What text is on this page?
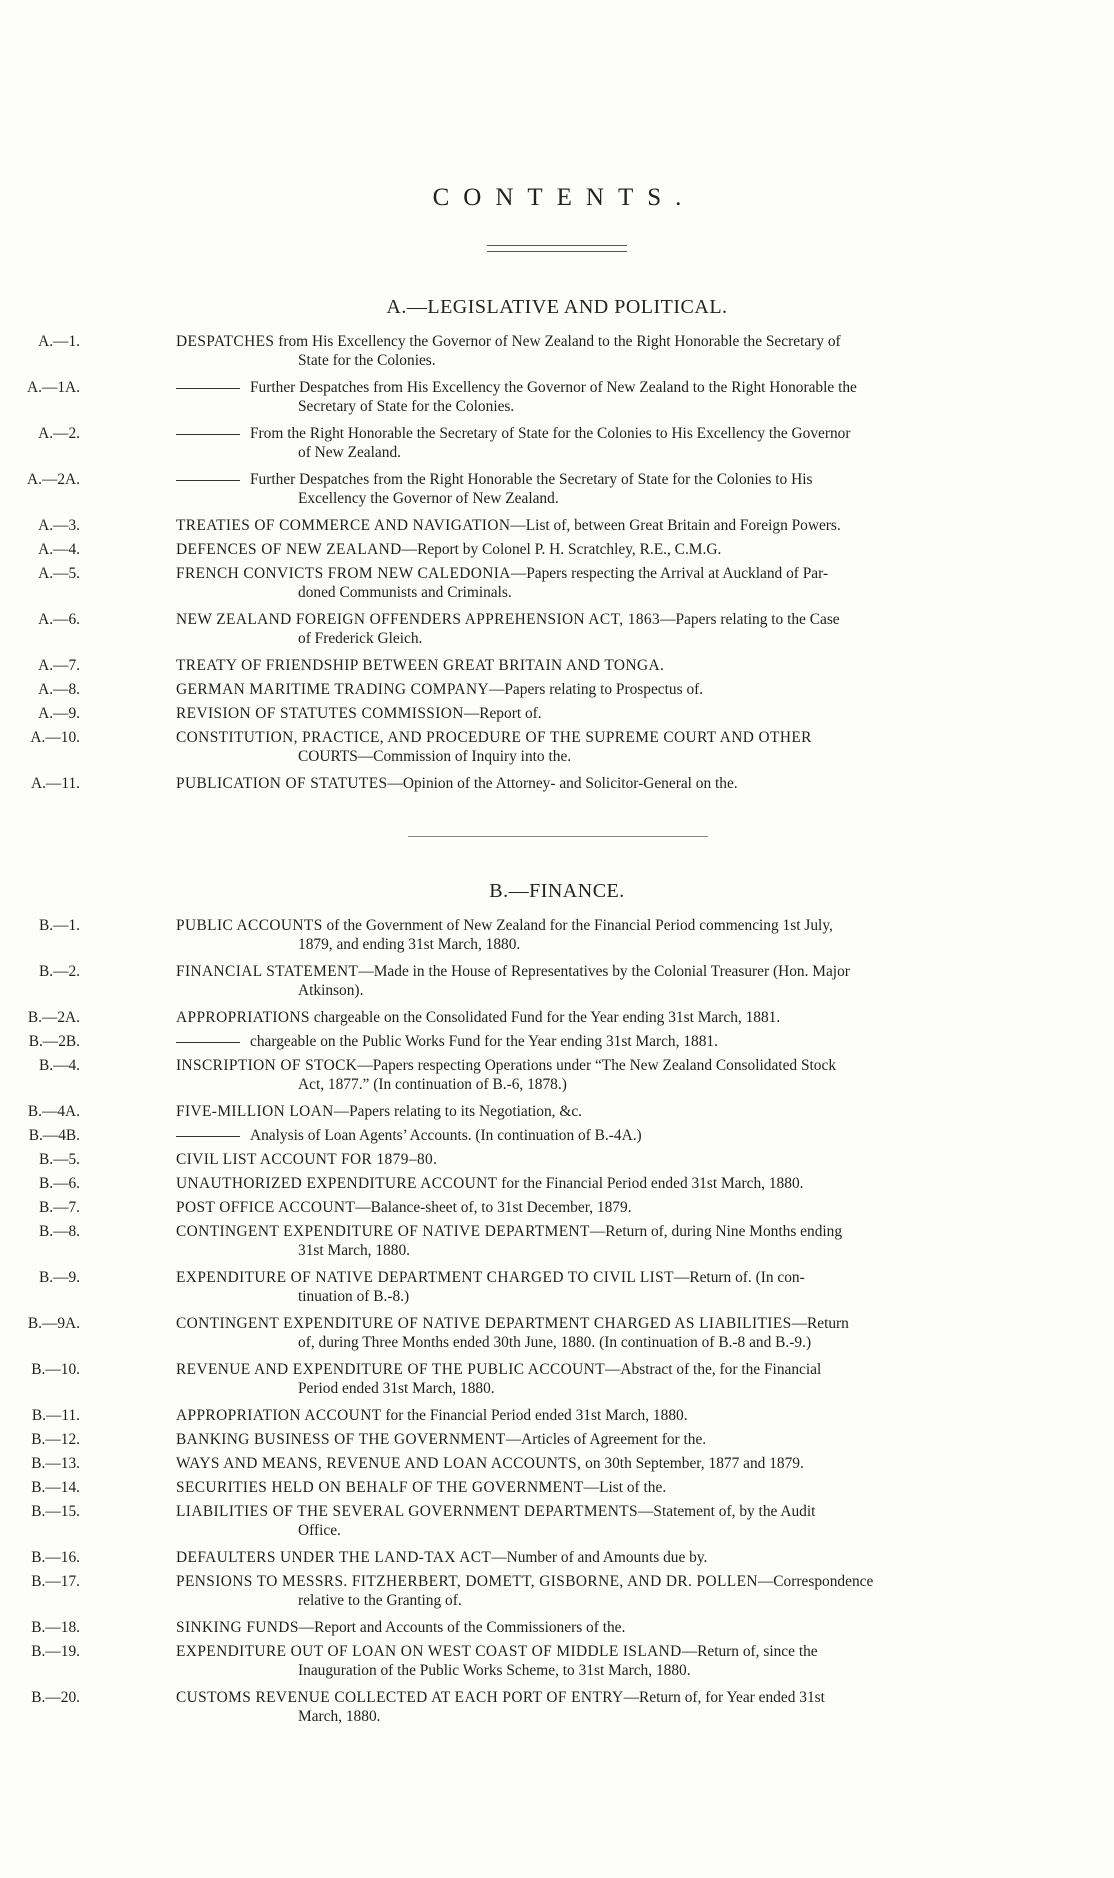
CONTENTS.
A.—LEGISLATIVE AND POLITICAL.
A.—1.	DESPATCHES from His Excellency the Governor of New Zealand to the Right Honorable the Secretary of
State for the Colonies.
A.—1A.	Further Despatches from His Excellency the Governor of New Zealand to the Right Honorable the
Secretary of State for the Colonies.
A.—2.	From the Right Honorable the Secretary of State for the Colonies to His Excellency the Governor
of New Zealand.
A.—2A.	Further Despatches from the Right Honorable the Secretary of State for the Colonies to His
Excellency the Governor of New Zealand.
A.—3.	TREATIES OF COMMERCE AND NAVIGATION—List of, between Great Britain and Foreign Powers.
A.—4.	DEFENCES OF NEW ZEALAND—Report by Colonel P. H. Scratchley, R.E., C.M.G.
A.—5.	FRENCH CONVICTS FROM NEW CALEDONIA—Papers respecting the Arrival at Auckland of Par-
doned Communists and Criminals.
A.—6.	NEW ZEALAND FOREIGN OFFENDERS APPREHENSION ACT, 1863—Papers relating to the Case
of Frederick Gleich.
A.—7.	TREATY OF FRIENDSHIP BETWEEN GREAT BRITAIN AND TONGA.
A.—8.	GERMAN MARITIME TRADING COMPANY—Papers relating to Prospectus of.
A.—9.	REVISION OF STATUTES COMMISSION—Report of.
A.—10.	CONSTITUTION, PRACTICE, AND PROCEDURE OF THE SUPREME COURT AND OTHER
COURTS—Commission of Inquiry into the.
A.—11.	PUBLICATION OF STATUTES—Opinion of the Attorney- and Solicitor-General on the.
B.—FINANCE.
B.—1.	PUBLIC ACCOUNTS of the Government of New Zealand for the Financial Period commencing 1st July,
1879, and ending 31st March, 1880.
B.—2.	FINANCIAL STATEMENT—Made in the House of Representatives by the Colonial Treasurer (Hon. Major
Atkinson).
B.—2A.	APPROPRIATIONS chargeable on the Consolidated Fund for the Year ending 31st March, 1881.
B.—2B.	chargeable on the Public Works Fund for the Year ending 31st March, 1881.
B.—4.	INSCRIPTION OF STOCK—Papers respecting Operations under “The New Zealand Consolidated Stock
Act, 1877.” (In continuation of B.-6, 1878.)
B.—4A.	FIVE-MILLION LOAN—Papers relating to its Negotiation, &c.
B.—4B.	Analysis of Loan Agents’ Accounts. (In continuation of B.-4A.)
B.—5.	CIVIL LIST ACCOUNT FOR 1879–80.
B.—6.	UNAUTHORIZED EXPENDITURE ACCOUNT for the Financial Period ended 31st March, 1880.
B.—7.	POST OFFICE ACCOUNT—Balance-sheet of, to 31st December, 1879.
B.—8.	CONTINGENT EXPENDITURE OF NATIVE DEPARTMENT—Return of, during Nine Months ending
31st March, 1880.
B.—9.	EXPENDITURE OF NATIVE DEPARTMENT CHARGED TO CIVIL LIST—Return of. (In con-
tinuation of B.-8.)
B.—9A.	CONTINGENT EXPENDITURE OF NATIVE DEPARTMENT CHARGED AS LIABILITIES—Return
of, during Three Months ended 30th June, 1880. (In continuation of B.-8 and B.-9.)
B.—10.	REVENUE AND EXPENDITURE OF THE PUBLIC ACCOUNT—Abstract of the, for the Financial
Period ended 31st March, 1880.
B.—11.	APPROPRIATION ACCOUNT for the Financial Period ended 31st March, 1880.
B.—12.	BANKING BUSINESS OF THE GOVERNMENT—Articles of Agreement for the.
B.—13.	WAYS AND MEANS, REVENUE AND LOAN ACCOUNTS, on 30th September, 1877 and 1879.
B.—14.	SECURITIES HELD ON BEHALF OF THE GOVERNMENT—List of the.
B.—15.	LIABILITIES OF THE SEVERAL GOVERNMENT DEPARTMENTS—Statement of, by the Audit
Office.
B.—16.	DEFAULTERS UNDER THE LAND-TAX ACT—Number of and Amounts due by.
B.—17.	PENSIONS TO MESSRS. FITZHERBERT, DOMETT, GISBORNE, AND DR. POLLEN—Correspondence
relative to the Granting of.
B.—18.	SINKING FUNDS—Report and Accounts of the Commissioners of the.
B.—19.	EXPENDITURE OUT OF LOAN ON WEST COAST OF MIDDLE ISLAND—Return of, since the
Inauguration of the Public Works Scheme, to 31st March, 1880.
B.—20.	CUSTOMS REVENUE COLLECTED AT EACH PORT OF ENTRY—Return of, for Year ended 31st
March, 1880.
